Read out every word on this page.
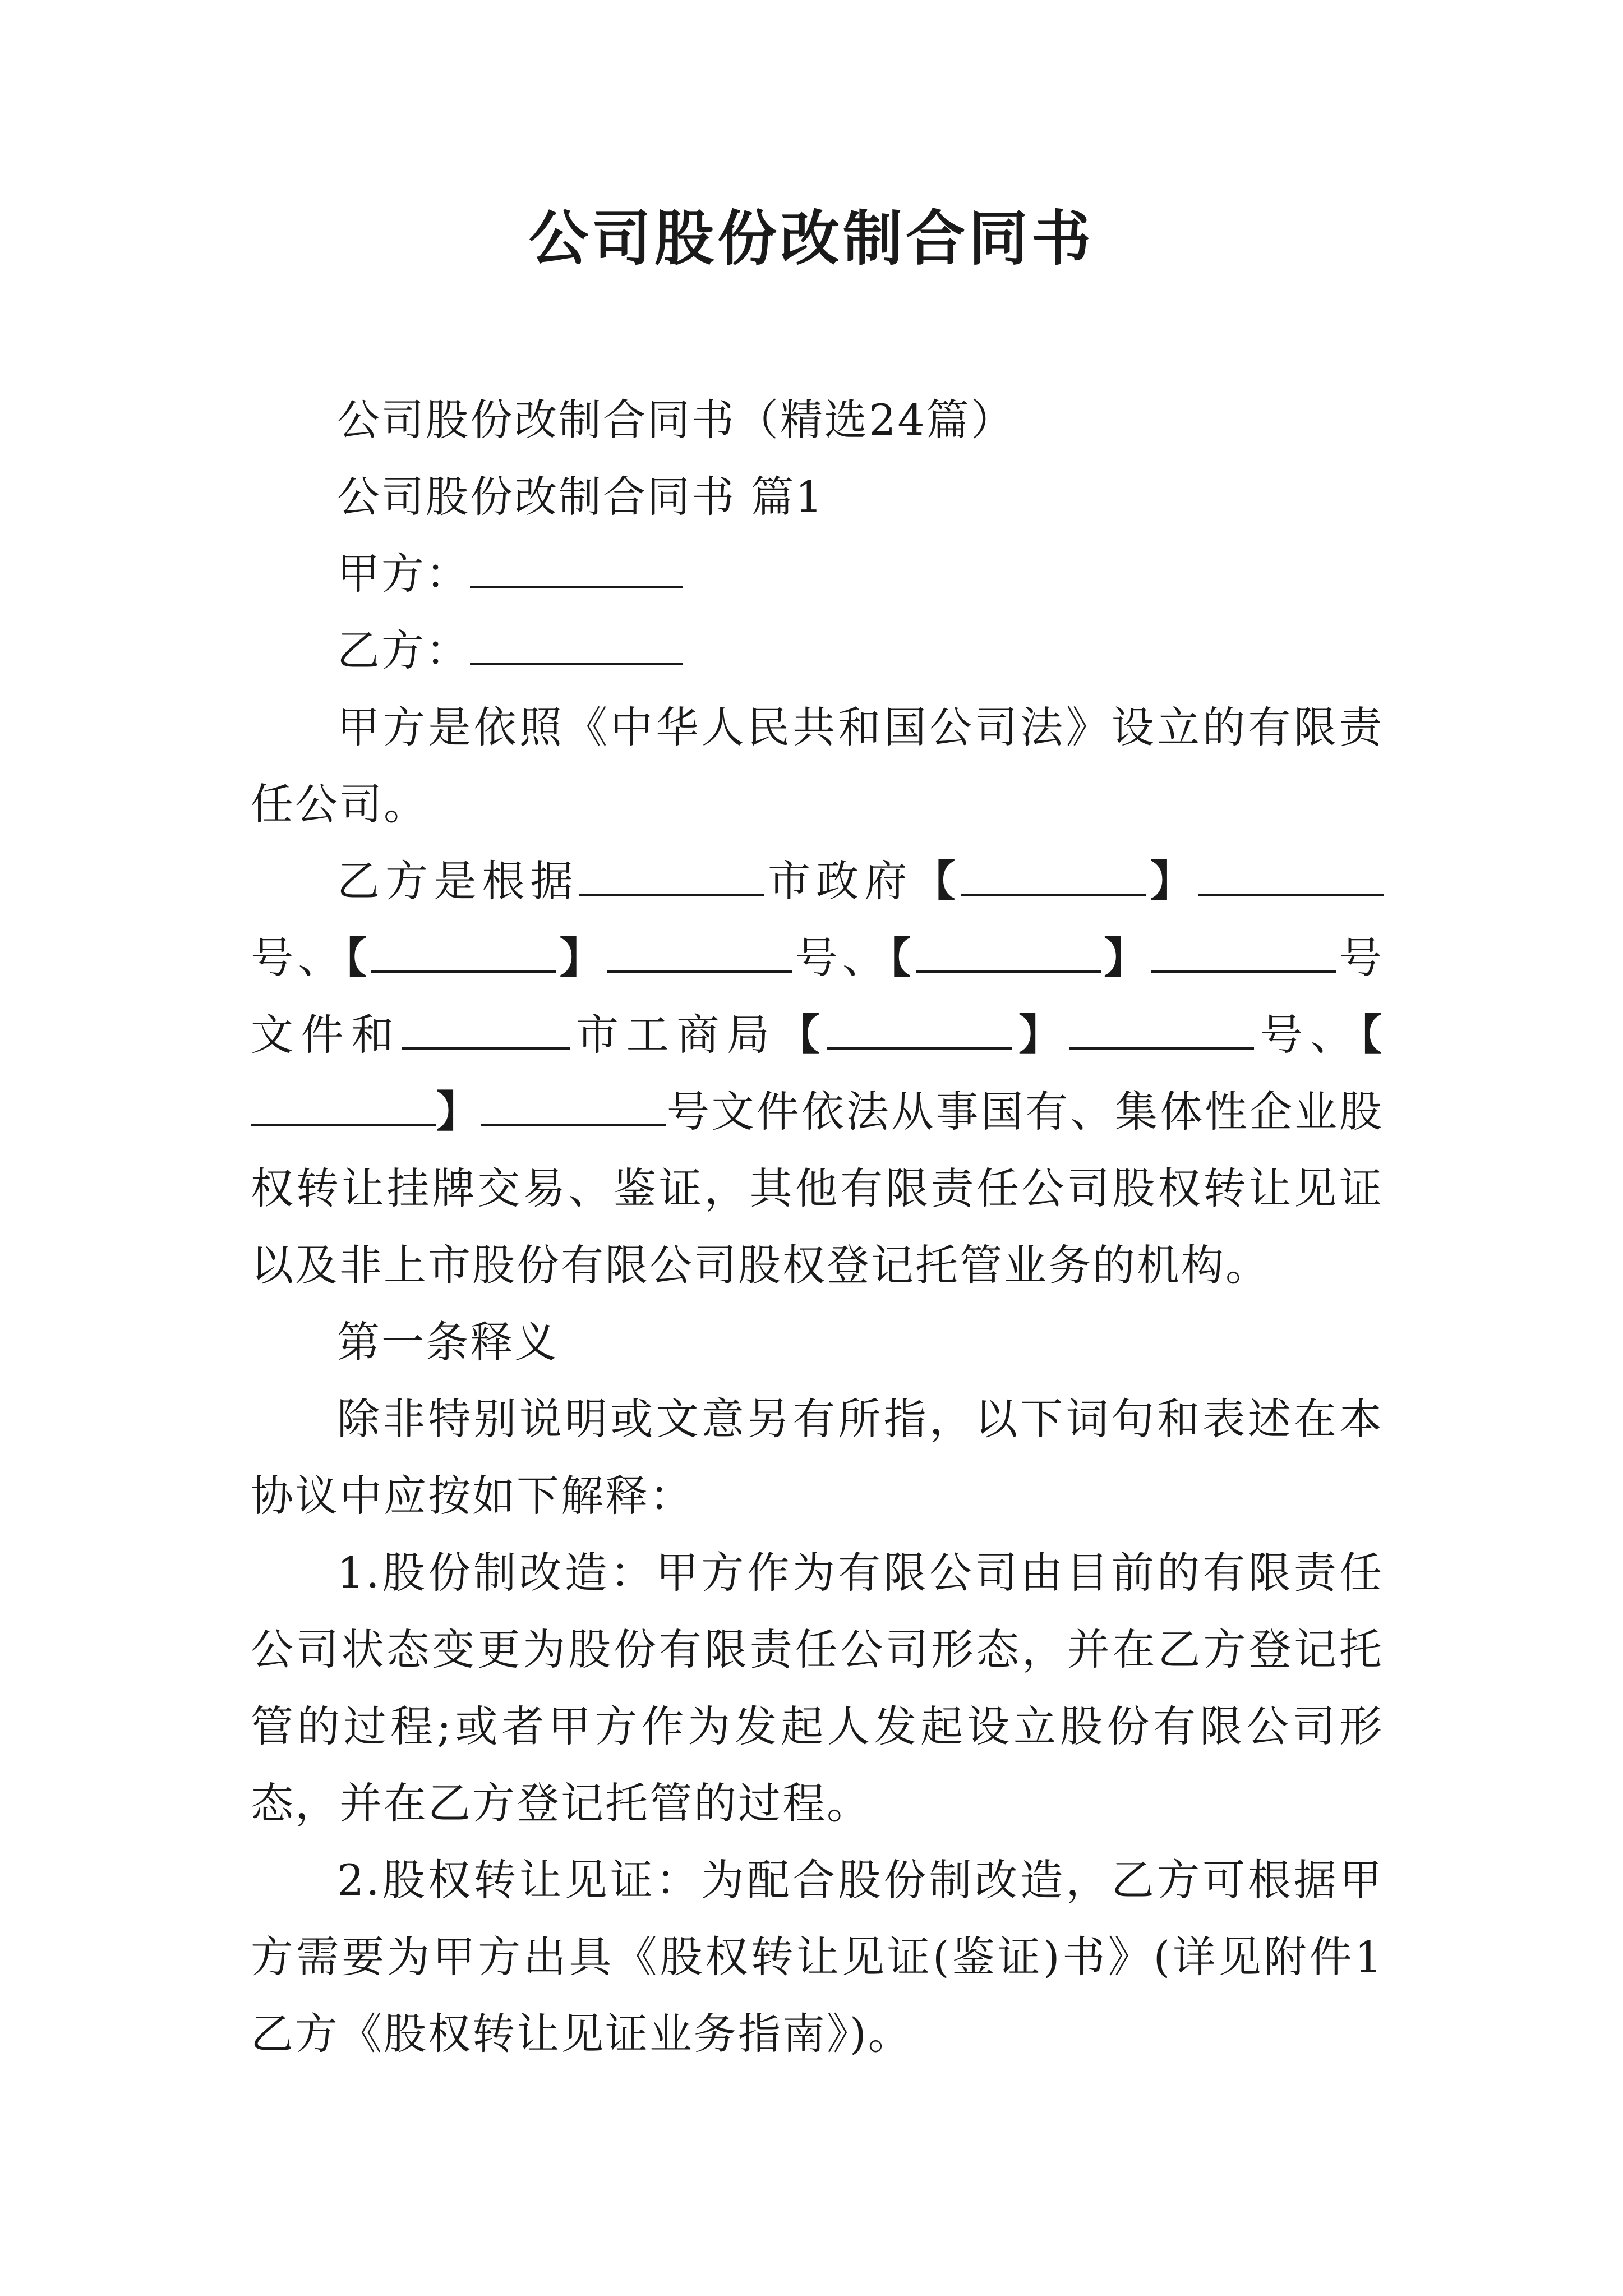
公司股份改制合同书

公司股份改制合同书（精选24篇）

公司股份改制合同书 篇1

甲方：

乙方：

甲方是依照《中华人民共和国公司法》设立的有限责任公司。

乙方是根据	市政府【	】号、【	】	号、【	】	号文件和	市工商局【	】	号、【】	号文件依法从事国有、集体性企业股权转让挂牌交易、鉴证，其他有限责任公司股权转让见证以及非上市股份有限公司股权登记托管业务的机构。

第一条释义

除非特别说明或文意另有所指，以下词句和表述在本协议中应按如下解释：

1.股份制改造：甲方作为有限公司由目前的有限责任公司状态变更为股份有限责任公司形态，并在乙方登记托管的过程;或者甲方作为发起人发起设立股份有限公司形态，并在乙方登记托管的过程。

2.股权转让见证：为配合股份制改造，乙方可根据甲方需要为甲方出具《股权转让见证(鉴证)书》(详见附件1乙方《股权转让见证业务指南》)。
